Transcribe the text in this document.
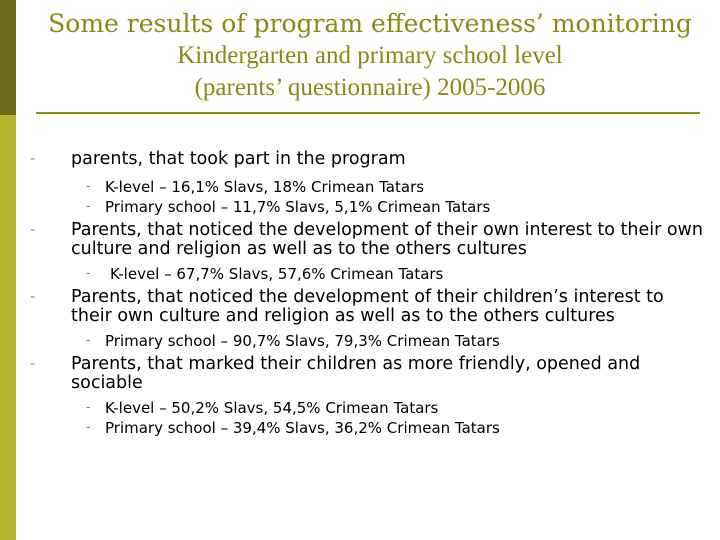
Some results of program effectiveness’ monitoring
Kindergarten and primary school level
(parents’ questionnaire) 2005-2006
- parents, that took part in the program
- K-level – 16,1% Slavs, 18% Crimean Tatars
- Primary school – 11,7% Slavs, 5,1% Crimean Tatars
- Parents, that noticed the development of their own interest to their own culture and religion as well as to the others cultures
- K-level – 67,7% Slavs, 57,6% Crimean Tatars
- Parents, that noticed the development of their children’s interest to their own culture and religion as well as to the others cultures
- Primary school – 90,7% Slavs, 79,3% Crimean Tatars
- Parents, that marked their children as more friendly, opened and sociable
- K-level – 50,2% Slavs, 54,5% Crimean Tatars
- Primary school – 39,4% Slavs, 36,2% Crimean Tatars
